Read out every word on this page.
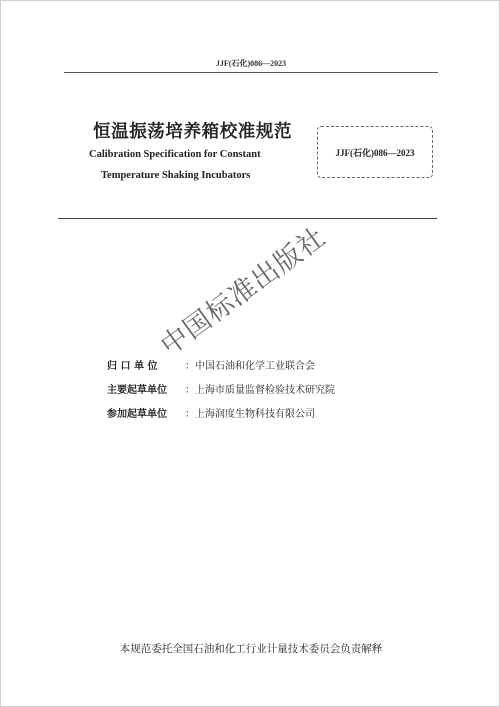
JJF(石化)086—2023
恒温振荡培养箱校准规范
Calibration Specification for Constant
Temperature Shaking Incubators
JJF(石化)086—2023
归 口 单 位	：中国石油和化学工业联合会
主要起草单位 ：上海市质量监督检验技术研究院
参加起草单位 ：上海润度生物科技有限公司
中国标准出版社
本规范委托全国石油和化工行业计量技术委员会负责解释
